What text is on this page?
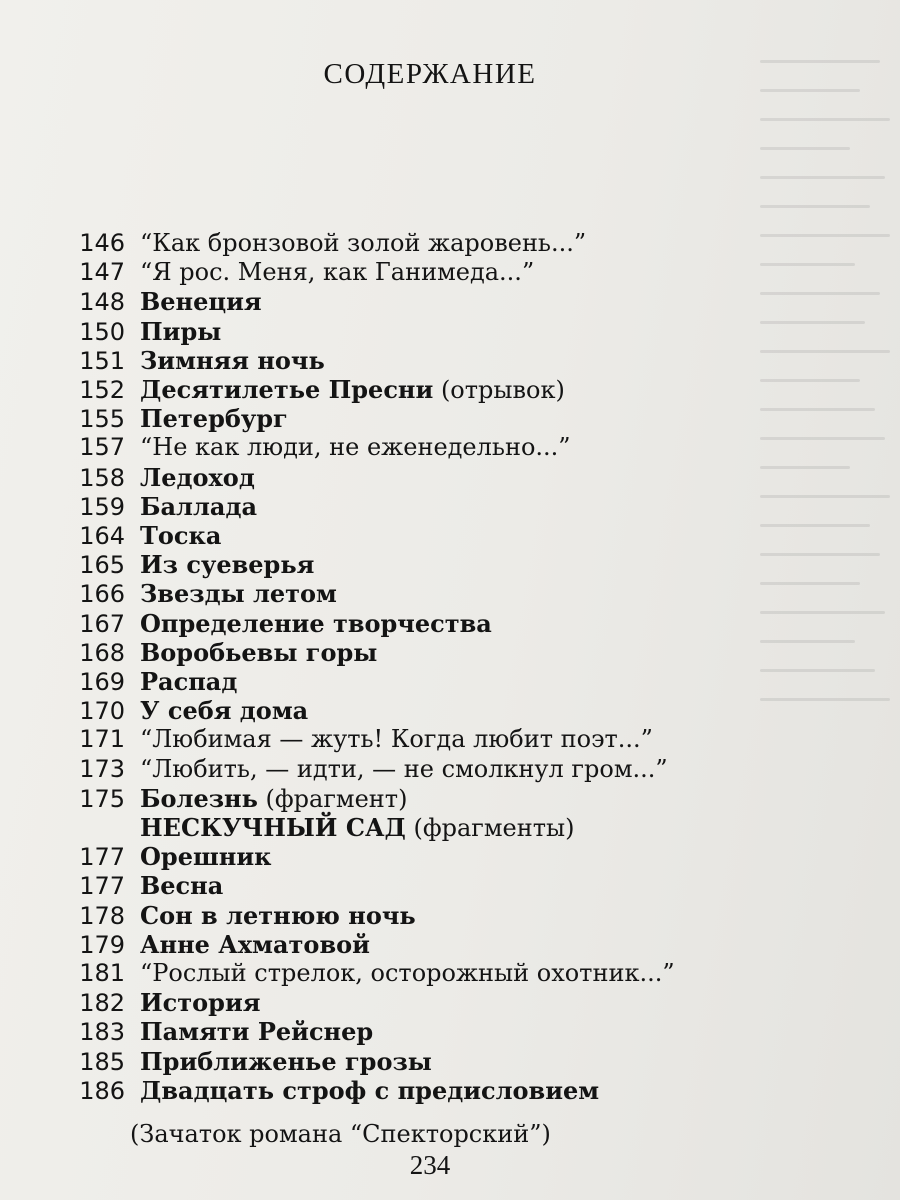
СОДЕРЖАНИЕ
146 “Как бронзовой золой жаровень...”
147 “Я рос. Меня, как Ганимеда...”
148 Венеция
150 Пиры
151 Зимняя ночь
152 Десятилетье Пресни
(отрывок)
155 Петербург
157 “Не как люди, не еженедельно...”
158 Ледоход
159 Баллада
164 Тоска
165 Из суеверья
166 Звезды летом
167 Определение творчества
168 Воробьевы горы
169 Распад
170 У себя дома
171 “Любимая — жуть! Когда любит поэт...”
173 “Любить, — идти, — не смолкнул гром...”
175 Болезнь
(фрагмент)
НЕСКУЧНЫЙ САД
(фрагменты)
177 Орешник
177 Весна
178 Сон в летнюю ночь
179 Анне Ахматовой
181 “Рослый стрелок, осторожный охотник...”
182 История
183 Памяти Рейснер
185 Приближенье грозы
186 Двадцать строф с предисловием
(Зачаток романа “Спекторский”)
234
